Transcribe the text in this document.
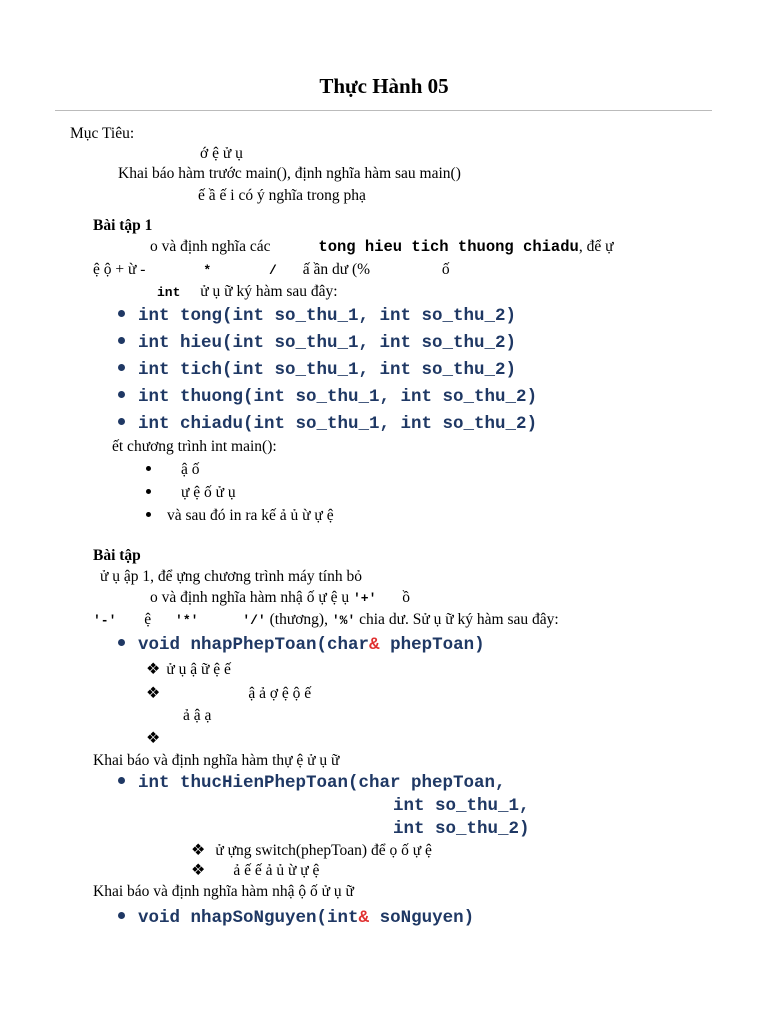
Thực Hành 05
Mục Tiêu:
ớ ệ ử ụ
Khai báo hàm trước main(), định nghĩa hàm sau main()
ế ầ ế i có ý nghĩa trong phạ
Bài tập 1
o và định nghĩa các	tong hieu tich thuong chiadu, để ự
ệ ộ + ừ -	*	/ ấ ần dư (%	ố
int ử ụ ữ ký hàm sau đây:
int tong(int so_thu_1, int so_thu_2)
int hieu(int so_thu_1, int so_thu_2)
int tich(int so_thu_1, int so_thu_2)
int thuong(int so_thu_1, int so_thu_2)
int chiadu(int so_thu_1, int so_thu_2)
ết chương trình int main():
ậ ố
ự ệ ố ử ụ
và sau đó in ra kế ả ủ ừ ự ệ
Bài tập
ử ụ ập 1, để ựng chương trình máy tính bỏ
o và định nghĩa hàm nhậ ố ự ệ ụ '+' ồ
'-' ệ '*'	'/' (thương), '%' chia dư. Sử ụ ữ ký hàm sau đây:
void nhapPhepToan(char& phepToan)
❖ ử ụ ậ ữ ệ ế
❖	ậ ả ợ ệ ộ ế
ả ậ ạ
❖
Khai báo và định nghĩa hàm thự ệ ử ụ ữ
int thucHienPhepToan(char phepToan,
int so_thu_1,
int so_thu_2)
❖ ử ựng switch(phepToan) để ọ ố ự ệ
❖ ả ế ế ả ủ ừ ự ệ
Khai báo và định nghĩa hàm nhậ ộ ố ử ụ ữ
void nhapSoNguyen(int& soNguyen)
